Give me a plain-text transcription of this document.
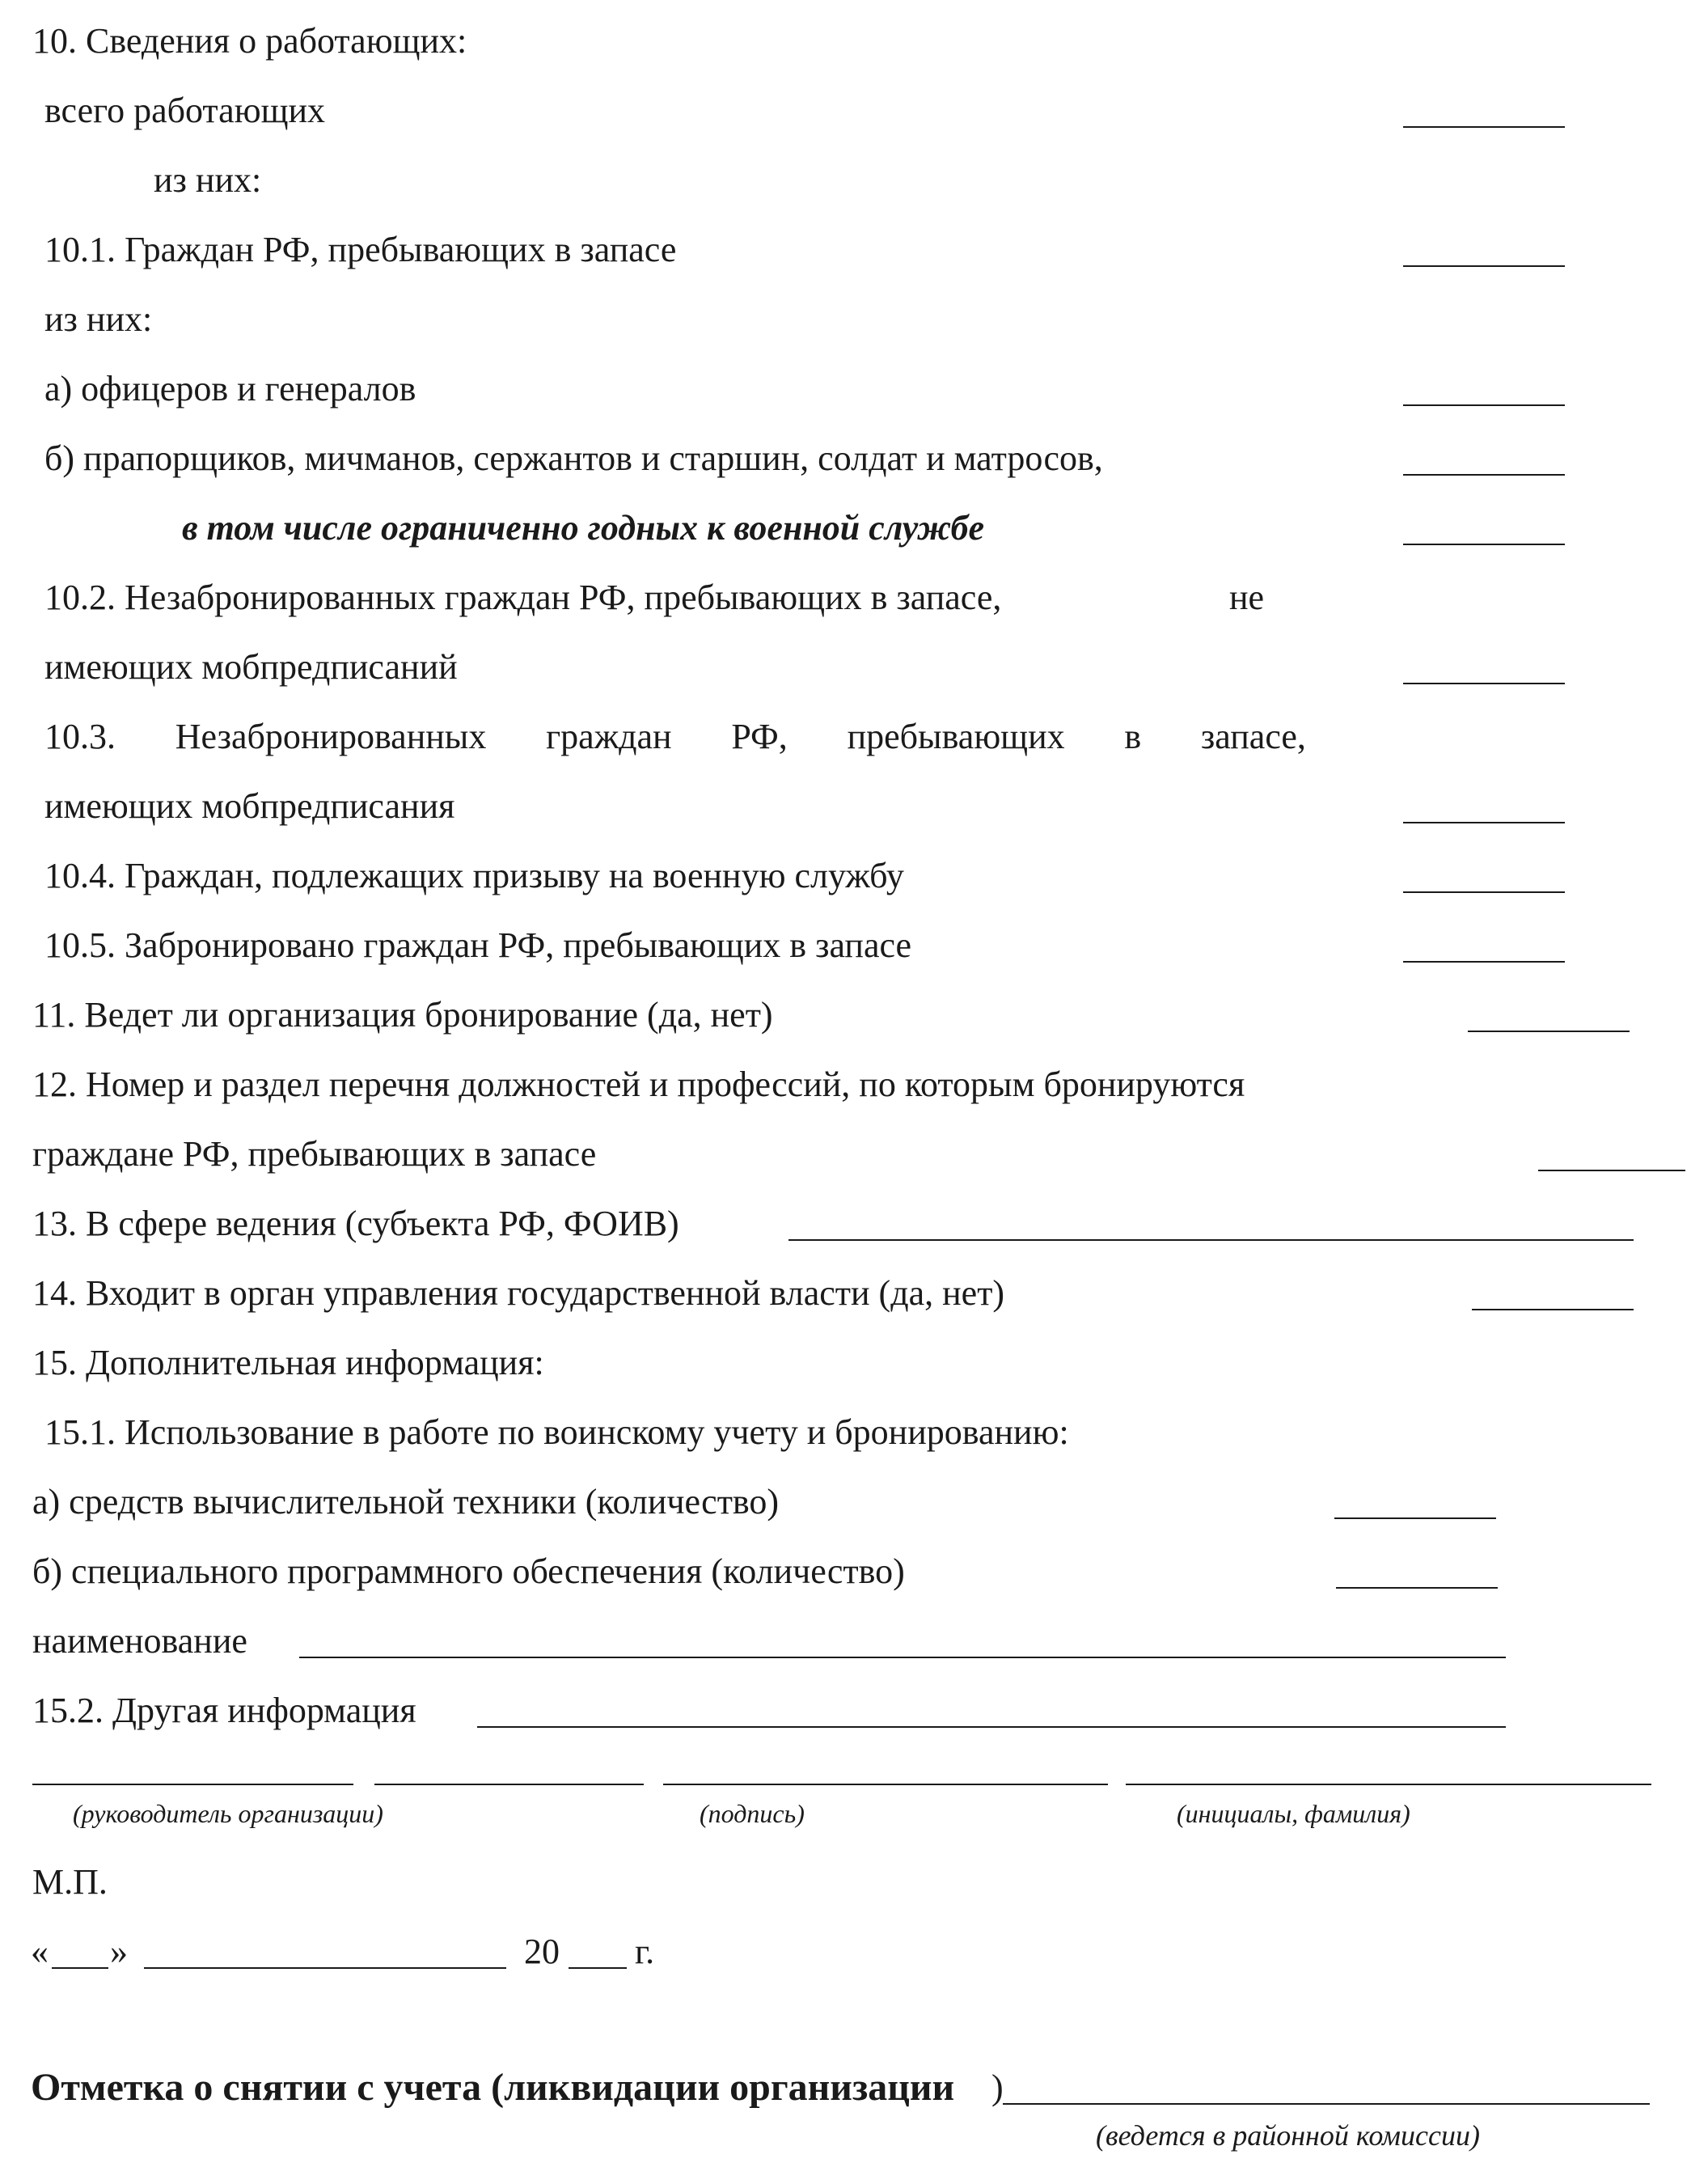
10. Сведения о работающих:
всего работающих
из них:
10.1. Граждан РФ, пребывающих в запасе
из них:
а) офицеров и генералов
б) прапорщиков, мичманов, сержантов и старшин, солдат и матросов,
в том числе ограниченно годных к военной службе
10.2. Незабронированных граждан РФ, пребывающих в запасе,	не
имеющих мобпредписаний
10.3. Незабронированных граждан РФ, пребывающих в запасе,
имеющих мобпредписания
10.4. Граждан, подлежащих призыву на военную службу
10.5. Забронировано граждан РФ, пребывающих в запасе
11. Ведет ли организация бронирование (да, нет)
12. Номер и раздел перечня должностей и профессий, по которым бронируются
граждане РФ, пребывающих в запасе
13. В сфере ведения (субъекта РФ, ФОИВ)
14. Входит в орган управления государственной власти (да, нет)
15. Дополнительная информация:
15.1. Использование в работе по воинскому учету и бронированию:
а) средств вычислительной техники (количество)
б) специального программного обеспечения (количество)
наименование
15.2. Другая информация
(руководитель организации)	(подпись)	(инициалы, фамилия)
М.П.
« »	20 г.
Отметка о снятии с учета (ликвидации организации )
(ведется в районной комиссии)
